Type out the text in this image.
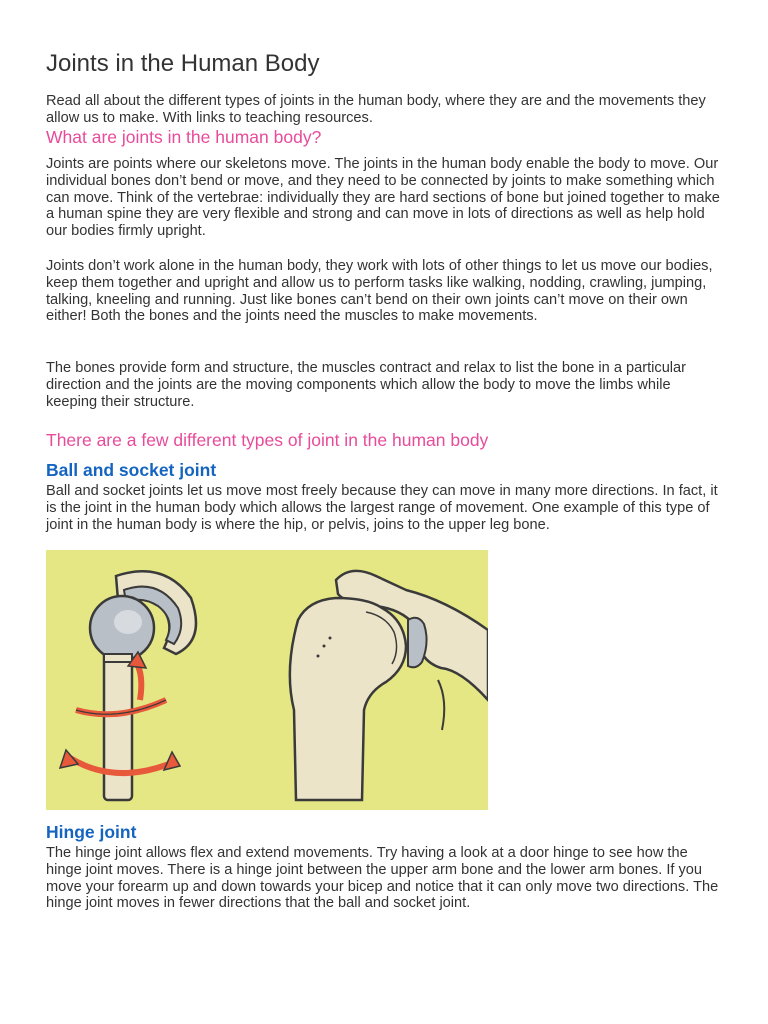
Joints in the Human Body

Read all about the different types of joints in the human body, where they are and the movements they allow us to make. With links to teaching resources.

What are joints in the human body?

Joints are points where our skeletons move. The joints in the human body enable the body to move. Our individual bones don’t bend or move, and they need to be connected by joints to make something which can move. Think of the vertebrae: individually they are hard sections of bone but joined together to make a human spine they are very flexible and strong and can move in lots of directions as well as help hold our bodies firmly upright.

Joints don’t work alone in the human body, they work with lots of other things to let us move our bodies, keep them together and upright and allow us to perform tasks like walking, nodding, crawling, jumping, talking, kneeling and running. Just like bones can’t bend on their own joints can’t move on their own either! Both the bones and the joints need the muscles to make movements.

The bones provide form and structure, the muscles contract and relax to list the bone in a particular direction and the joints are the moving components which allow the body to move the limbs while keeping their structure.

There are a few different types of joint in the human body
Ball and socket joint

Ball and socket joints let us move most freely because they can move in many more directions. In fact, it is the joint in the human body which allows the largest range of movement. One example of this type of joint in the human body is where the hip, or pelvis, joins to the upper leg bone.

Hinge joint

The hinge joint allows flex and extend movements. Try having a look at a door hinge to see how the hinge joint moves. There is a hinge joint between the upper arm bone and the lower arm bones. If you move your forearm up and down towards your bicep and notice that it can only move two directions. The hinge joint moves in fewer directions that the ball and socket joint.
